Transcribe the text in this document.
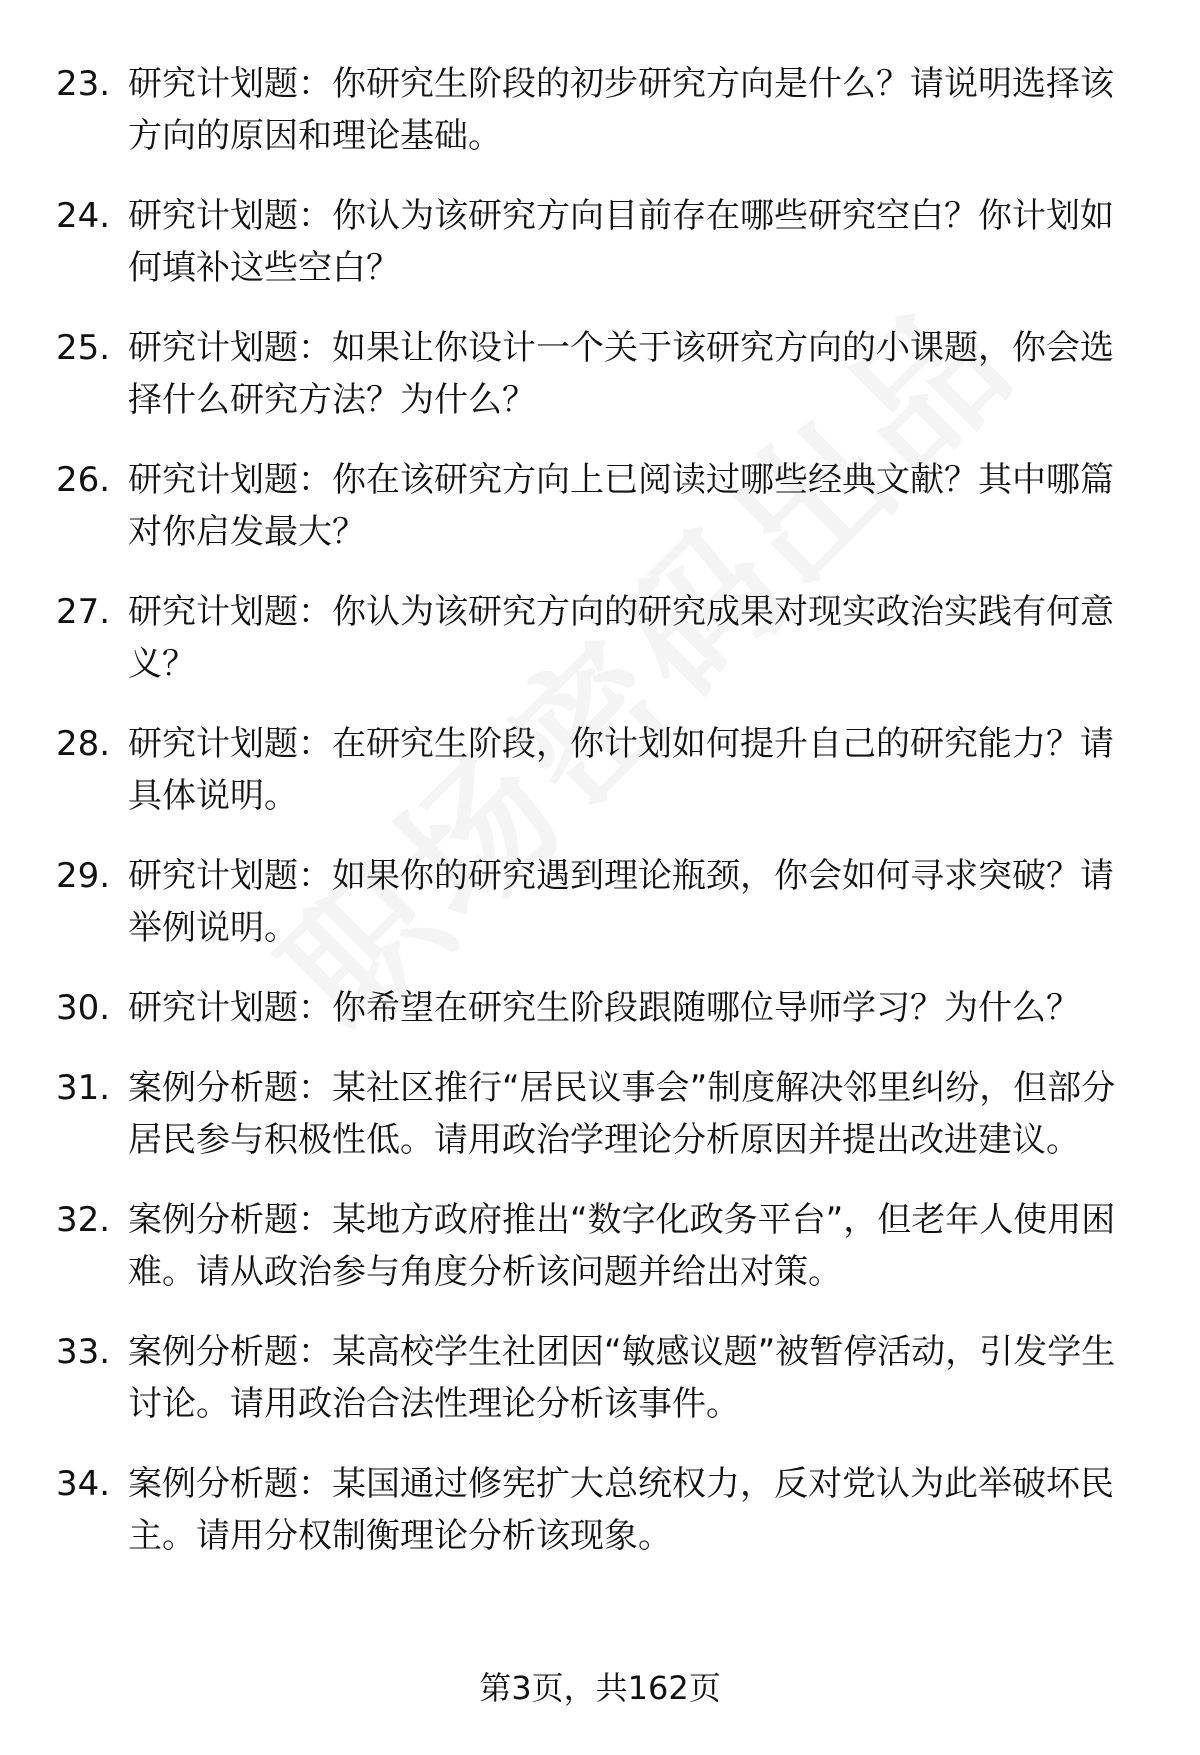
23. 研究计划题：你研究生阶段的初步研究方向是什么？请说明选择该方向的原因和理论基础。
24. 研究计划题：你认为该研究方向目前存在哪些研究空白？你计划如何填补这些空白？
25. 研究计划题：如果让你设计一个关于该研究方向的小课题，你会选择什么研究方法？为什么？
26. 研究计划题：你在该研究方向上已阅读过哪些经典文献？其中哪篇对你启发最大？
27. 研究计划题：你认为该研究方向的研究成果对现实政治实践有何意义？
28. 研究计划题：在研究生阶段，你计划如何提升自己的研究能力？请具体说明。
29. 研究计划题：如果你的研究遇到理论瓶颈，你会如何寻求突破？请举例说明。
30. 研究计划题：你希望在研究生阶段跟随哪位导师学习？为什么？
31. 案例分析题：某社区推行“居民议事会”制度解决邻里纠纷，但部分居民参与积极性低。请用政治学理论分析原因并提出改进建议。
32. 案例分析题：某地方政府推出“数字化政务平台”，但老年人使用困难。请从政治参与角度分析该问题并给出对策。
33. 案例分析题：某高校学生社团因“敏感议题”被暂停活动，引发学生讨论。请用政治合法性理论分析该事件。
34. 案例分析题：某国通过修宪扩大总统权力，反对党认为此举破坏民主。请用分权制衡理论分析该现象。
第3页，共162页
